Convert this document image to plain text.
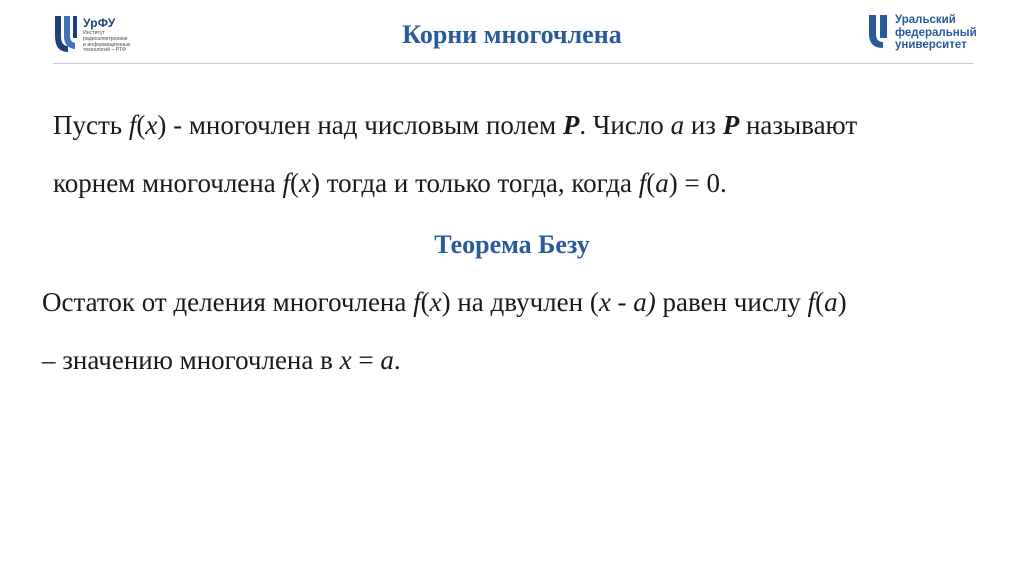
УрФУ
Институт
радиоэлектроники
и информационных
технологий – РТФ
Корни многочлена	Уральский
федеральный
университет
Пусть f(x) - многочлен над числовым полем P. Число a из P называют
корнем многочлена f(x) тогда и только тогда, когда f(a) = 0.
Теорема Безу
Остаток от деления многочлена f(x) на двучлен (x - a) равен числу f(a)
– значению многочлена в x = a.
